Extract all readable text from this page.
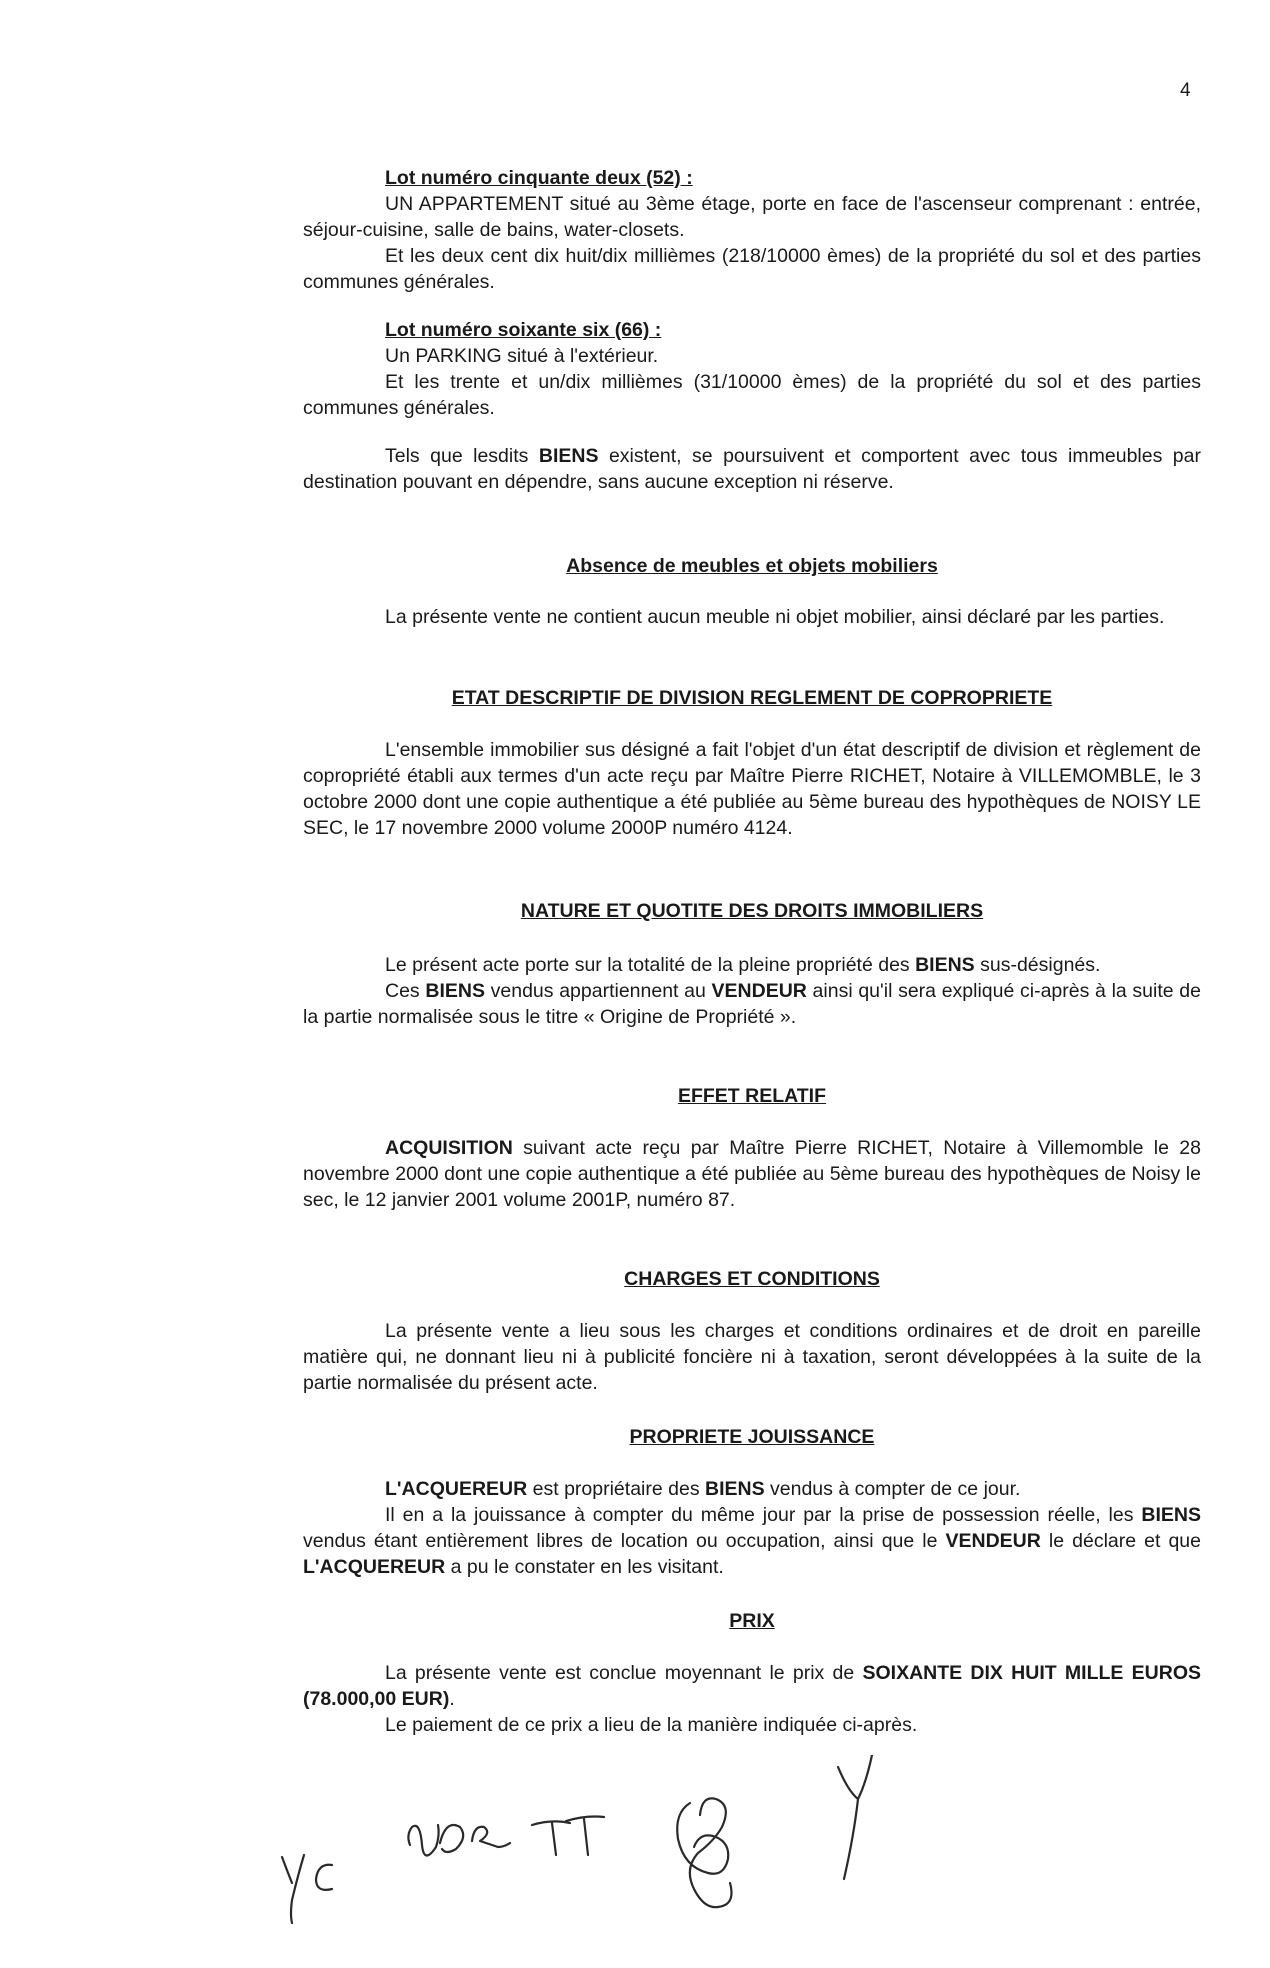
4

Lot numéro cinquante deux (52) :

UN APPARTEMENT situé au 3ème étage, porte en face de l'ascenseur comprenant : entrée, séjour-cuisine, salle de bains, water-closets.

Et les deux cent dix huit/dix millièmes (218/10000 èmes) de la propriété du sol et des parties communes générales.

Lot numéro soixante six (66) :

Un PARKING situé à l'extérieur.

Et les trente et un/dix millièmes (31/10000 èmes) de la propriété du sol et des parties communes générales.

Tels que lesdits BIENS existent, se poursuivent et comportent avec tous immeubles par destination pouvant en dépendre, sans aucune exception ni réserve.

Absence de meubles et objets mobiliers

La présente vente ne contient aucun meuble ni objet mobilier, ainsi déclaré par les parties.

ETAT DESCRIPTIF DE DIVISION REGLEMENT DE COPROPRIETE

L'ensemble immobilier sus désigné a fait l'objet d'un état descriptif de division et règlement de copropriété établi aux termes d'un acte reçu par Maître Pierre RICHET, Notaire à VILLEMOMBLE, le 3 octobre 2000 dont une copie authentique a été publiée au 5ème bureau des hypothèques de NOISY LE SEC, le 17 novembre 2000 volume 2000P numéro 4124.

NATURE ET QUOTITE DES DROITS IMMOBILIERS

Le présent acte porte sur la totalité de la pleine propriété des BIENS sus-désignés.

Ces BIENS vendus appartiennent au VENDEUR ainsi qu'il sera expliqué ci-après à la suite de la partie normalisée sous le titre « Origine de Propriété ».

EFFET RELATIF

ACQUISITION suivant acte reçu par Maître Pierre RICHET, Notaire à Villemomble le 28 novembre 2000 dont une copie authentique a été publiée au 5ème bureau des hypothèques de Noisy le sec, le 12 janvier 2001 volume 2001P, numéro 87.

CHARGES ET CONDITIONS

La présente vente a lieu sous les charges et conditions ordinaires et de droit en pareille matière qui, ne donnant lieu ni à publicité foncière ni à taxation, seront développées à la suite de la partie normalisée du présent acte.

PROPRIETE JOUISSANCE

L'ACQUEREUR est propriétaire des BIENS vendus à compter de ce jour.

Il en a la jouissance à compter du même jour par la prise de possession réelle, les BIENS vendus étant entièrement libres de location ou occupation, ainsi que le VENDEUR le déclare et que L'ACQUEREUR a pu le constater en les visitant.

PRIX

La présente vente est conclue moyennant le prix de SOIXANTE DIX HUIT MILLE EUROS (78.000,00 EUR).

Le paiement de ce prix a lieu de la manière indiquée ci-après.
